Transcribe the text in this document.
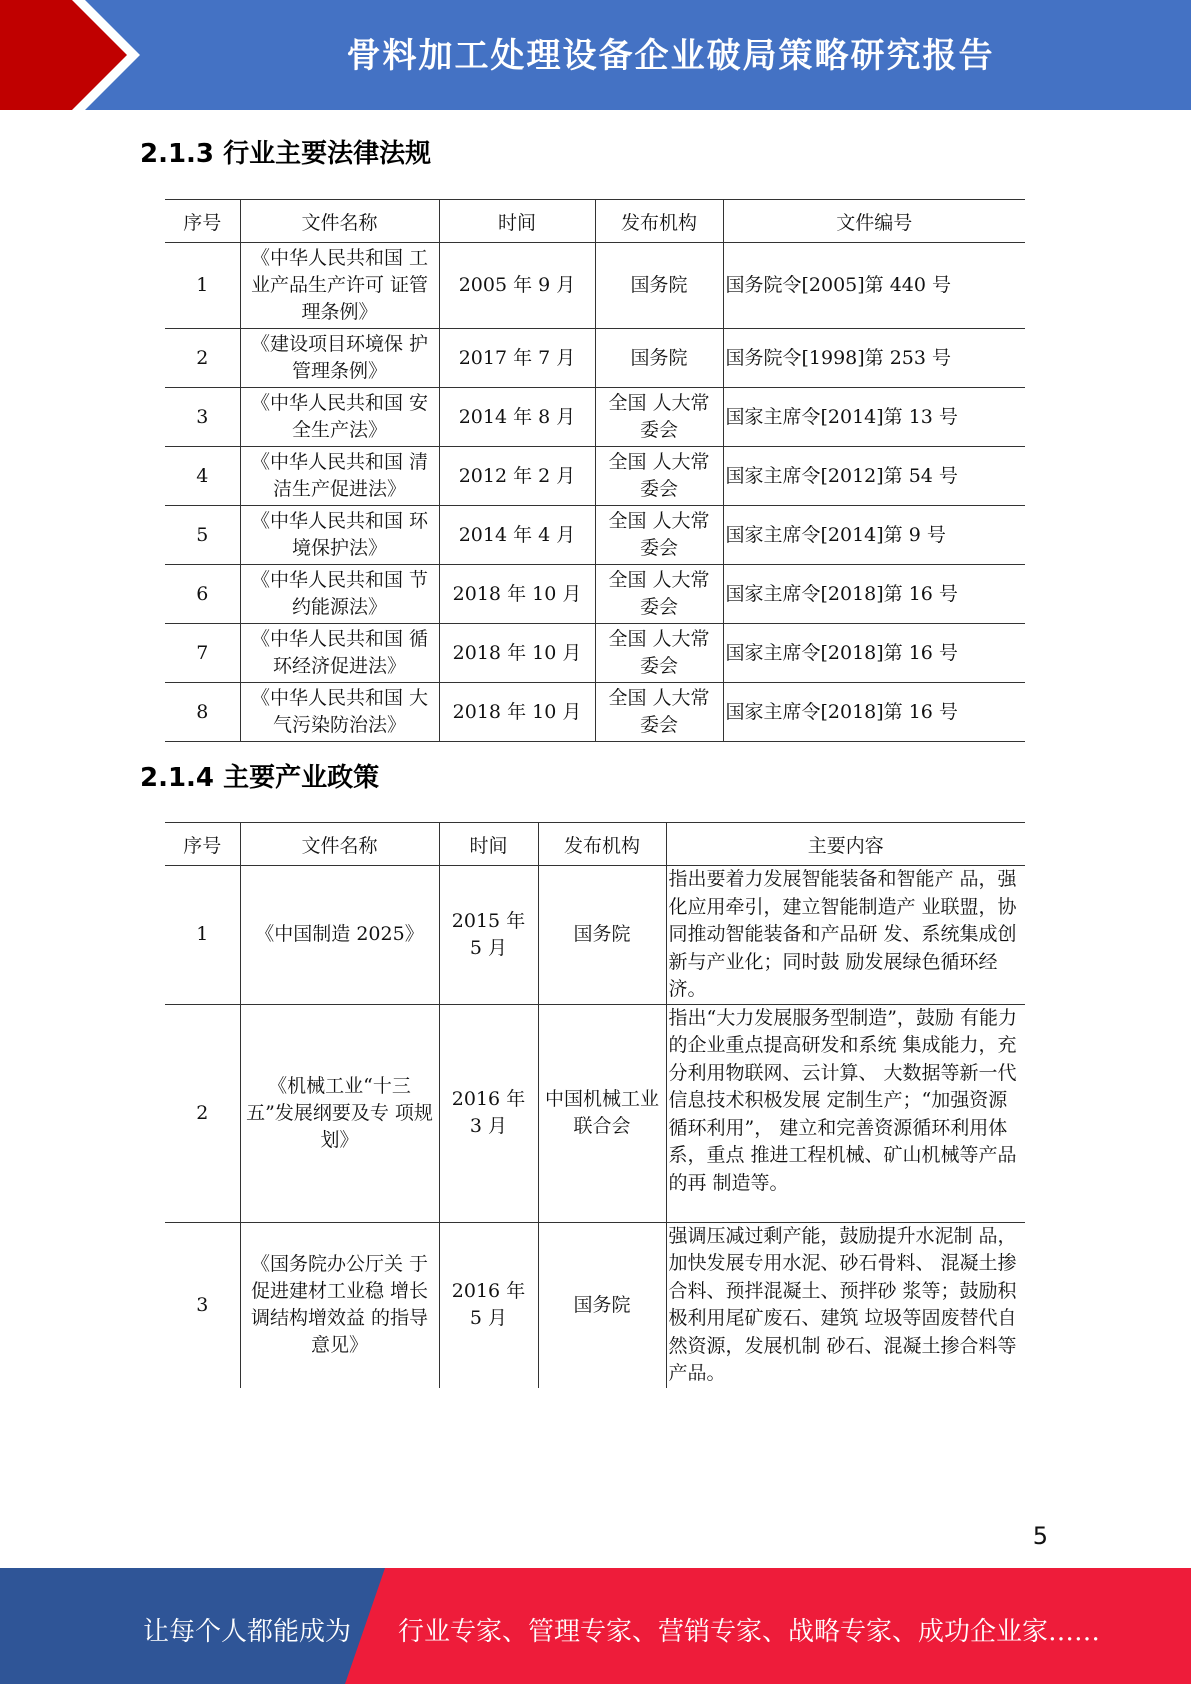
骨料加工处理设备企业破局策略研究报告
2.1.3 行业主要法律法规
序号	文件名称	时间	发布机构	文件编号
1	《中华人民共和国 工业产品生产许可 证管理条例》	2005 年 9 月	国务院	国务院令[2005]第 440 号
2	《建设项目环境保 护管理条例》	2017 年 7 月	国务院	国务院令[1998]第 253 号
3	《中华人民共和国 安全生产法》	2014 年 8 月	全国 人大常委会	国家主席令[2014]第 13 号
4	《中华人民共和国 清洁生产促进法》	2012 年 2 月	全国 人大常委会	国家主席令[2012]第 54 号
5	《中华人民共和国 环境保护法》	2014 年 4 月	全国 人大常委会	国家主席令[2014]第 9 号
6	《中华人民共和国 节约能源法》	2018 年 10 月	全国 人大常委会	国家主席令[2018]第 16 号
7	《中华人民共和国 循环经济促进法》	2018 年 10 月	全国 人大常委会	国家主席令[2018]第 16 号
8	《中华人民共和国 大气污染防治法》	2018 年 10 月	全国 人大常委会	国家主席令[2018]第 16 号
2.1.4 主要产业政策
序号	文件名称	时间	发布机构	主要内容
1	《中国制造 2025》	2015 年 5 月	国务院	指出要着力发展智能装备和智能产 品，强化应用牵引，建立智能制造产 业联盟，协同推动智能装备和产品研 发、系统集成创新与产业化；同时鼓 励发展绿色循环经济。
2	《机械工业“十三五”发展纲要及专 项规划》	2016 年 3 月	中国机械工业联合会	指出“大力发展服务型制造”，鼓励 有能力的企业重点提高研发和系统 集成能力，充分利用物联网、云计算、 大数据等新一代信息技术积极发展 定制生产；“加强资源循环利用”， 建立和完善资源循环利用体系，重点 推进工程机械、矿山机械等产品的再 制造等。
3	《国务院办公厅关 于促进建材工业稳 增长调结构增效益 的指导意见》	2016 年 5 月	国务院	强调压减过剩产能，鼓励提升水泥制 品，加快发展专用水泥、砂石骨料、 混凝土掺合料、预拌混凝土、预拌砂 浆等；鼓励积极利用尾矿废石、建筑 垃圾等固废替代自然资源，发展机制 砂石、混凝土掺合料等产品。
5
让每个人都能成为 行业专家、管理专家、营销专家、战略专家、成功企业家……
